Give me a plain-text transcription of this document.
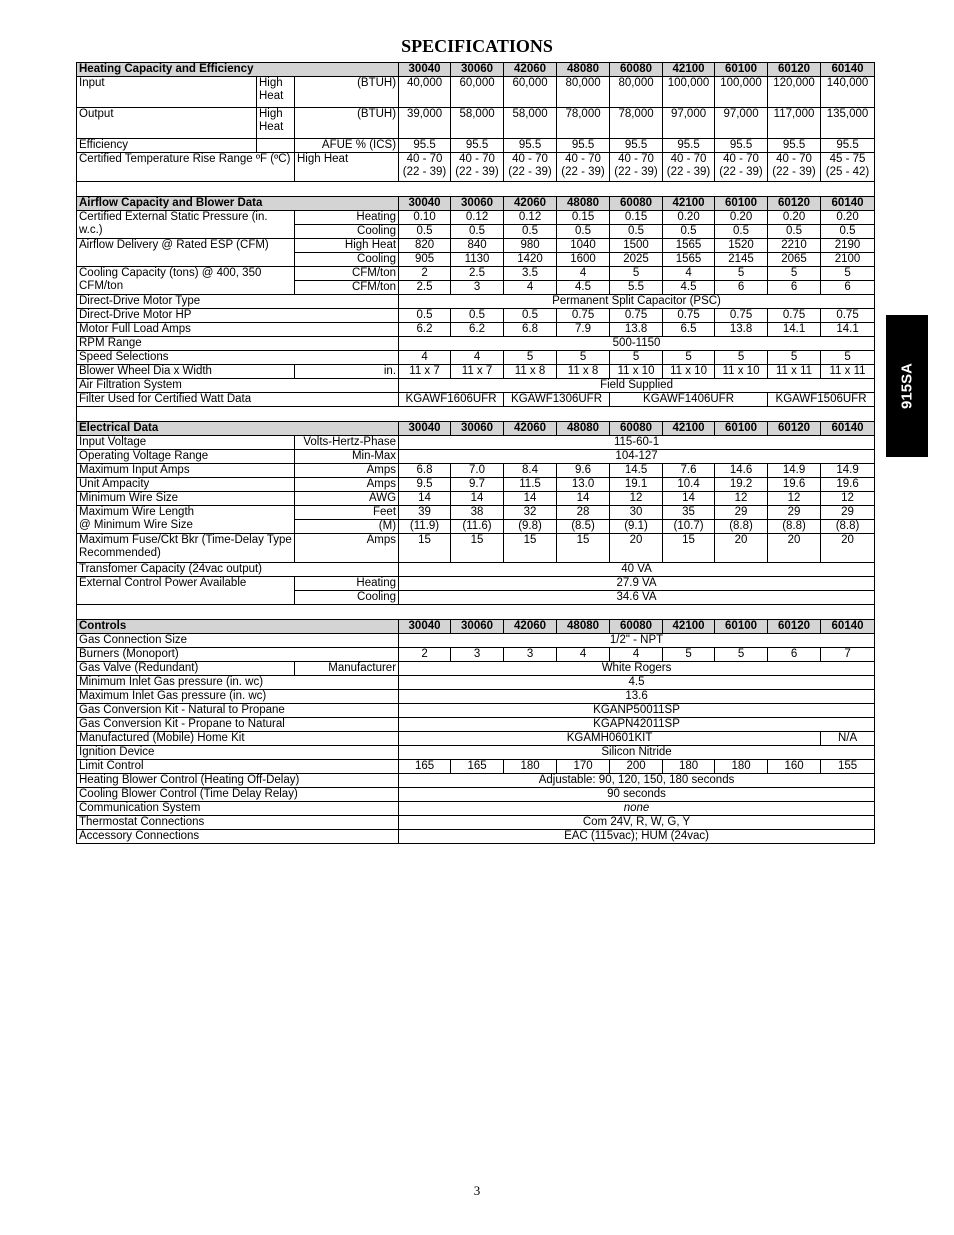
SPECIFICATIONS
Heating Capacity and Efficiency			30040	30060	42060	48080	60080	42100	60100	60120	60140
Input	High Heat	(BTUH)	40,000	60,000	60,000	80,000	80,000	100,000	100,000	120,000	140,000
Output	High Heat	(BTUH)	39,000	58,000	58,000	78,000	78,000	97,000	97,000	117,000	135,000
Efficiency		AFUE % (ICS)	95.5	95.5	95.5	95.5	95.5	95.5	95.5	95.5	95.5
Certified Temperature Rise Range ºF (ºC)		High Heat	40 - 70 (22 - 39)	40 - 70 (22 - 39)	40 - 70 (22 - 39)	40 - 70 (22 - 39)	40 - 70 (22 - 39)	40 - 70 (22 - 39)	40 - 70 (22 - 39)	40 - 70 (22 - 39)	45 - 75 (25 - 42)

Airflow Capacity and Blower Data			30040	30060	42060	48080	60080	42100	60100	60120	60140
Certified External Static Pressure (in. w.c.)		Heating	0.10	0.12	0.12	0.15	0.15	0.20	0.20	0.20	0.20
		Cooling	0.5	0.5	0.5	0.5	0.5	0.5	0.5	0.5	0.5
Airflow Delivery @ Rated ESP (CFM)		High Heat	820	840	980	1040	1500	1565	1520	2210	2190
		Cooling	905	1130	1420	1600	2025	1565	2145	2065	2100
Cooling Capacity (tons) @ 400, 350 CFM/ton		CFM/ton	2	2.5	3.5	4	5	4	5	5	5
		CFM/ton	2.5	3	4	4.5	5.5	4.5	6	6	6
Direct-Drive Motor Type			Permanent Split Capacitor (PSC)								
Direct-Drive Motor HP			0.5	0.5	0.5	0.75	0.75	0.75	0.75	0.75	0.75
Motor Full Load Amps			6.2	6.2	6.8	7.9	13.8	6.5	13.8	14.1	14.1
RPM Range			500-1150								
Speed Selections			4	4	5	5	5	5	5	5	5
Blower Wheel Dia x Width		in.	11 x 7	11 x 7	11 x 8	11 x 8	11 x 10	11 x 10	11 x 10	11 x 11	11 x 11
Air Filtration System			Field Supplied								
Filter Used for Certified Watt Data			KGAWF1606UFR		KGAWF1306UFR		KGAWF1406UFR			KGAWF1506UFR	

Electrical Data			30040	30060	42060	48080	60080	42100	60100	60120	60140
Input Voltage		Volts-Hertz-Phase	115-60-1								
Operating Voltage Range		Min-Max	104-127								
Maximum Input Amps		Amps	6.8	7.0	8.4	9.6	14.5	7.6	14.6	14.9	14.9
Unit Ampacity		Amps	9.5	9.7	11.5	13.0	19.1	10.4	19.2	19.6	19.6
Minimum Wire Size		AWG	14	14	14	14	12	14	12	12	12

Maximum Wire Length
@ Minimum Wire Size		Feet	39	38	32	28	30	35	29	29	29
		(M)	(11.9)	(11.6)	(9.8)	(8.5)	(9.1)	(10.7)	(8.8)	(8.8)	(8.8)
Maximum Fuse/Ckt Bkr (Time-Delay Type Recommended)		Amps	15	15	15	15	20	15	20	20	20
Transfomer Capacity (24vac output)			40 VA								
External Control Power Available		Heating	27.9 VA								
		Cooling	34.6 VA								

Controls			30040	30060	42060	48080	60080	42100	60100	60120	60140
Gas Connection Size			1/2" - NPT								
Burners (Monoport)			2	3	3	4	4	5	5	6	7
Gas Valve (Redundant)		Manufacturer	White Rogers								
Minimum Inlet Gas pressure (in. wc)			4.5								
Maximum Inlet Gas pressure (in. wc)			13.6								
Gas Conversion Kit - Natural to Propane			KGANP50011SP								
Gas Conversion Kit - Propane to Natural			KGAPN42011SP								
Manufactured (Mobile) Home Kit			KGAMH0601KIT								N/A
Ignition Device			Silicon Nitride								
Limit Control			165	165	180	170	200	180	180	160	155
Heating Blower Control (Heating Off-Delay)			Adjustable: 90, 120, 150, 180 seconds								
Cooling Blower Control (Time Delay Relay)			90 seconds								
Communication System			none								
Thermostat Connections			Com 24V, R, W, G, Y								
Accessory Connections			EAC (115vac); HUM (24vac)								
915SA
3
